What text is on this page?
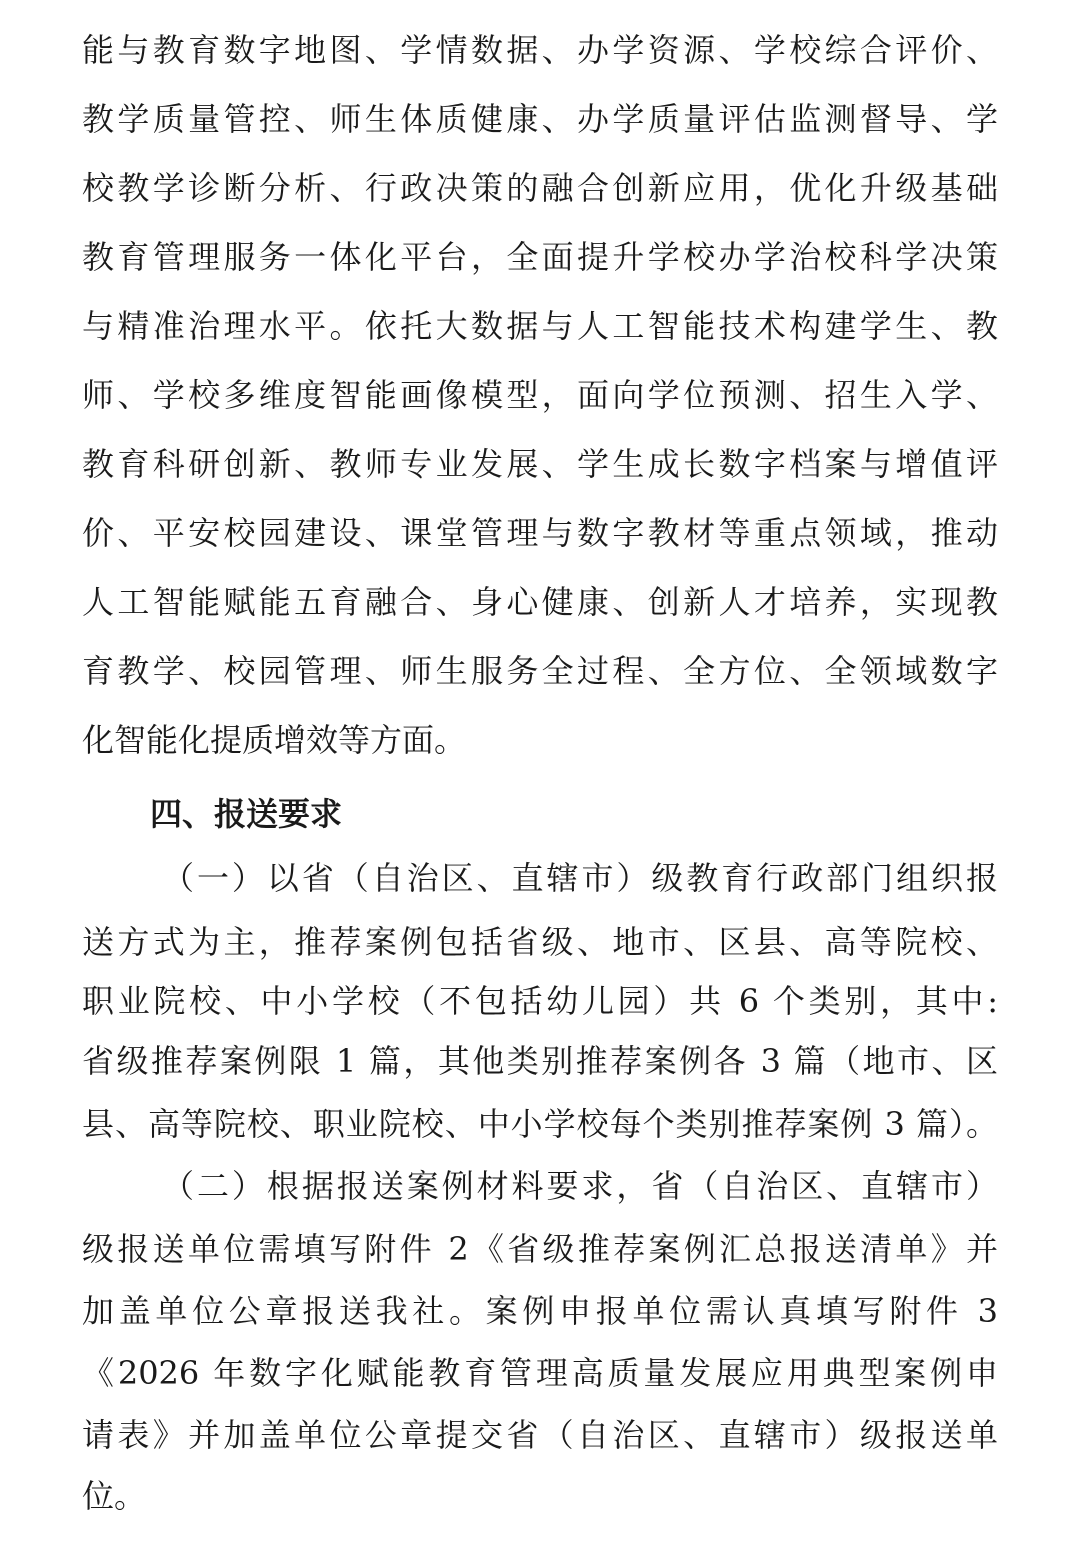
能与教育数字地图、学情数据、办学资源、学校综合评价、
教学质量管控、师生体质健康、办学质量评估监测督导、学
校教学诊断分析、行政决策的融合创新应用，优化升级基础
教育管理服务一体化平台，全面提升学校办学治校科学决策
与精准治理水平。依托大数据与人工智能技术构建学生、教
师、学校多维度智能画像模型，面向学位预测、招生入学、
教育科研创新、教师专业发展、学生成长数字档案与增值评
价、平安校园建设、课堂管理与数字教材等重点领域，推动
人工智能赋能五育融合、身心健康、创新人才培养，实现教
育教学、校园管理、师生服务全过程、全方位、全领域数字
化智能化提质增效等方面。
四、报送要求
（一）以省（自治区、直辖市）级教育行政部门组织报
送方式为主，推荐案例包括省级、地市、区县、高等院校、
职业院校、中小学校（不包括幼儿园）共 6 个类别，其中:
省级推荐案例限 1 篇，其他类别推荐案例各 3 篇（地市、区
县、高等院校、职业院校、中小学校每个类别推荐案例 3 篇）。
（二）根据报送案例材料要求，省（自治区、直辖市）
级报送单位需填写附件 2《省级推荐案例汇总报送清单》并
加盖单位公章报送我社。案例申报单位需认真填写附件 3
《2026 年数字化赋能教育管理高质量发展应用典型案例申
请表》并加盖单位公章提交省（自治区、直辖市）级报送单
位。
